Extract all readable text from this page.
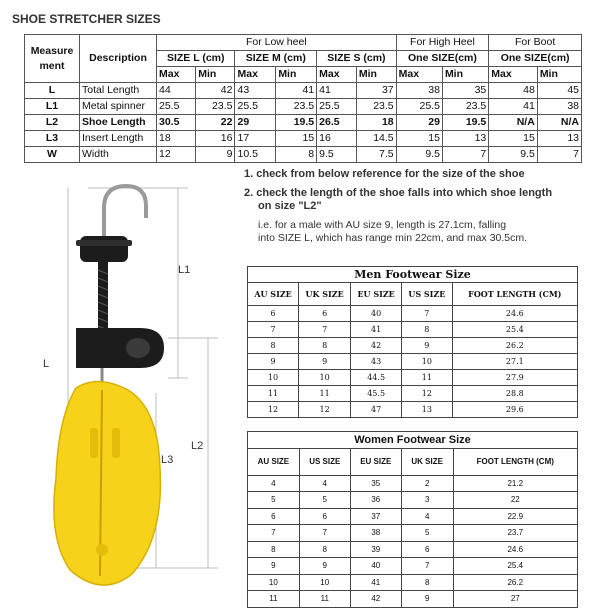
SHOE STRETCHER SIZES
Measure ment	Description	For Low heel						For High Heel		For Boot	
		SIZE L (cm)		SIZE M (cm)		SIZE S (cm)		One SIZE(cm)		One SIZE(cm)	
		Max	Min	Max	Min	Max	Min	Max	Min	Max	Min
L	Total Length	44	42	43	41	41	37	38	35	48	45
L1	Metal spinner	25.5	23.5	25.5	23.5	25.5	23.5	25.5	23.5	41	38
L2	Shoe Length	30.5	22	29	19.5	26.5	18	29	19.5	N/A	N/A
L3	Insert Length	18	16	17	15	16	14.5	15	13	15	13
W	Width	12	9	10.5	8	9.5	7.5	9.5	7	9.5	7

1. check from below reference for the size of the shoe

2. check the length of the shoe falls into which shoe length

on size "L2"

i.e. for a male with AU size 9, length is 27.1cm, falling

into SIZE L, which has range min 22cm, and max 30.5cm.

L1
L
L2
L3
Men Footwear Size				
AU SIZE	UK SIZE	EU SIZE	US SIZE	FOOT LENGTH (CM)
6	6	40	7	24.6
7	7	41	8	25.4
8	8	42	9	26.2
9	9	43	10	27.1
10	10	44.5	11	27.9
11	11	45.5	12	28.8
12	12	47	13	29.6
Women Footwear Size				
AU SIZE	US SIZE	EU SIZE	UK SIZE	FOOT LENGTH (CM)
4	4	35	2	21.2
5	5	36	3	22
6	6	37	4	22.9
7	7	38	5	23.7
8	8	39	6	24.6
9	9	40	7	25.4
10	10	41	8	26.2
11	11	42	9	27
